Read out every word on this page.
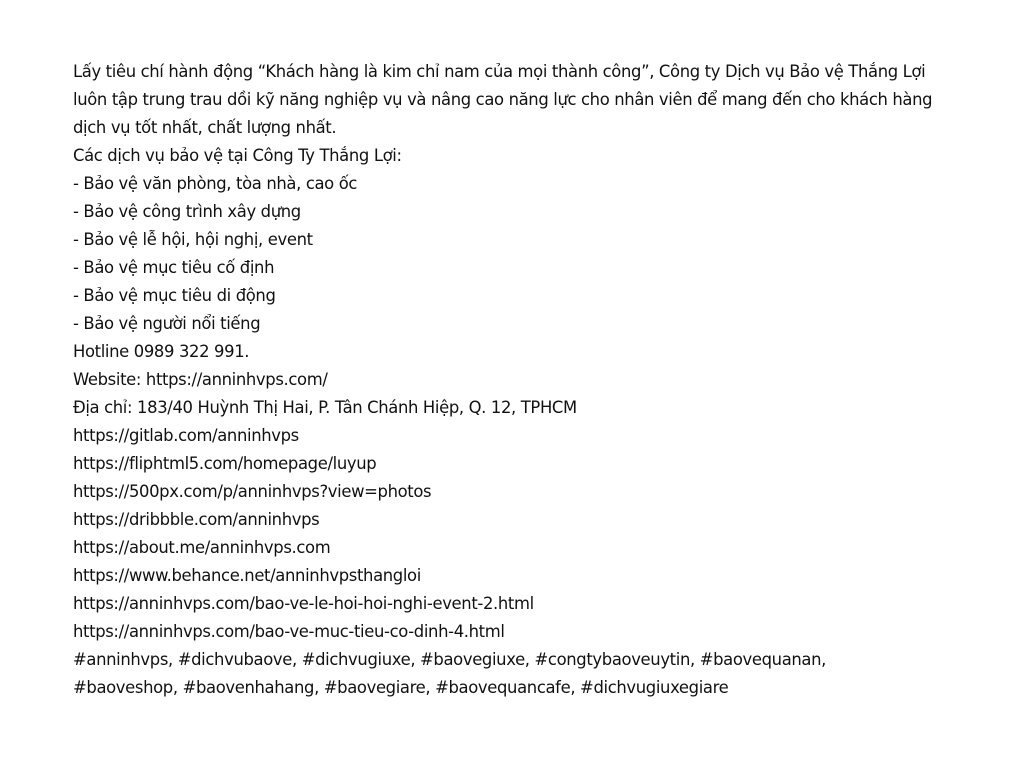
Lấy tiêu chí hành động “Khách hàng là kim chỉ nam của mọi thành công”, Công ty Dịch vụ Bảo vệ Thắng Lợi luôn tập trung trau dồi kỹ năng nghiệp vụ và nâng cao năng lực cho nhân viên để mang đến cho khách hàng dịch vụ tốt nhất, chất lượng nhất.
Các dịch vụ bảo vệ tại Công Ty Thắng Lợi:
- Bảo vệ văn phòng, tòa nhà, cao ốc
- Bảo vệ công trình xây dựng
- Bảo vệ lễ hội, hội nghị, event
- Bảo vệ mục tiêu cố định
- Bảo vệ mục tiêu di động
- Bảo vệ người nổi tiếng
Hotline 0989 322 991.
Website: https://anninhvps.com/
Địa chỉ: 183/40 Huỳnh Thị Hai, P. Tân Chánh Hiệp, Q. 12, TPHCM
https://gitlab.com/anninhvps
https://fliphtml5.com/homepage/luyup
https://500px.com/p/anninhvps?view=photos
https://dribbble.com/anninhvps
https://about.me/anninhvps.com
https://www.behance.net/anninhvpsthangloi
https://anninhvps.com/bao-ve-le-hoi-hoi-nghi-event-2.html
https://anninhvps.com/bao-ve-muc-tieu-co-dinh-4.html
#anninhvps, #dichvubaove, #dichvugiuxe, #baovegiuxe, #congtybaoveuytin, #baovequanan,
#baoveshop, #baovenhahang, #baovegiare, #baovequancafe, #dichvugiuxegiare
